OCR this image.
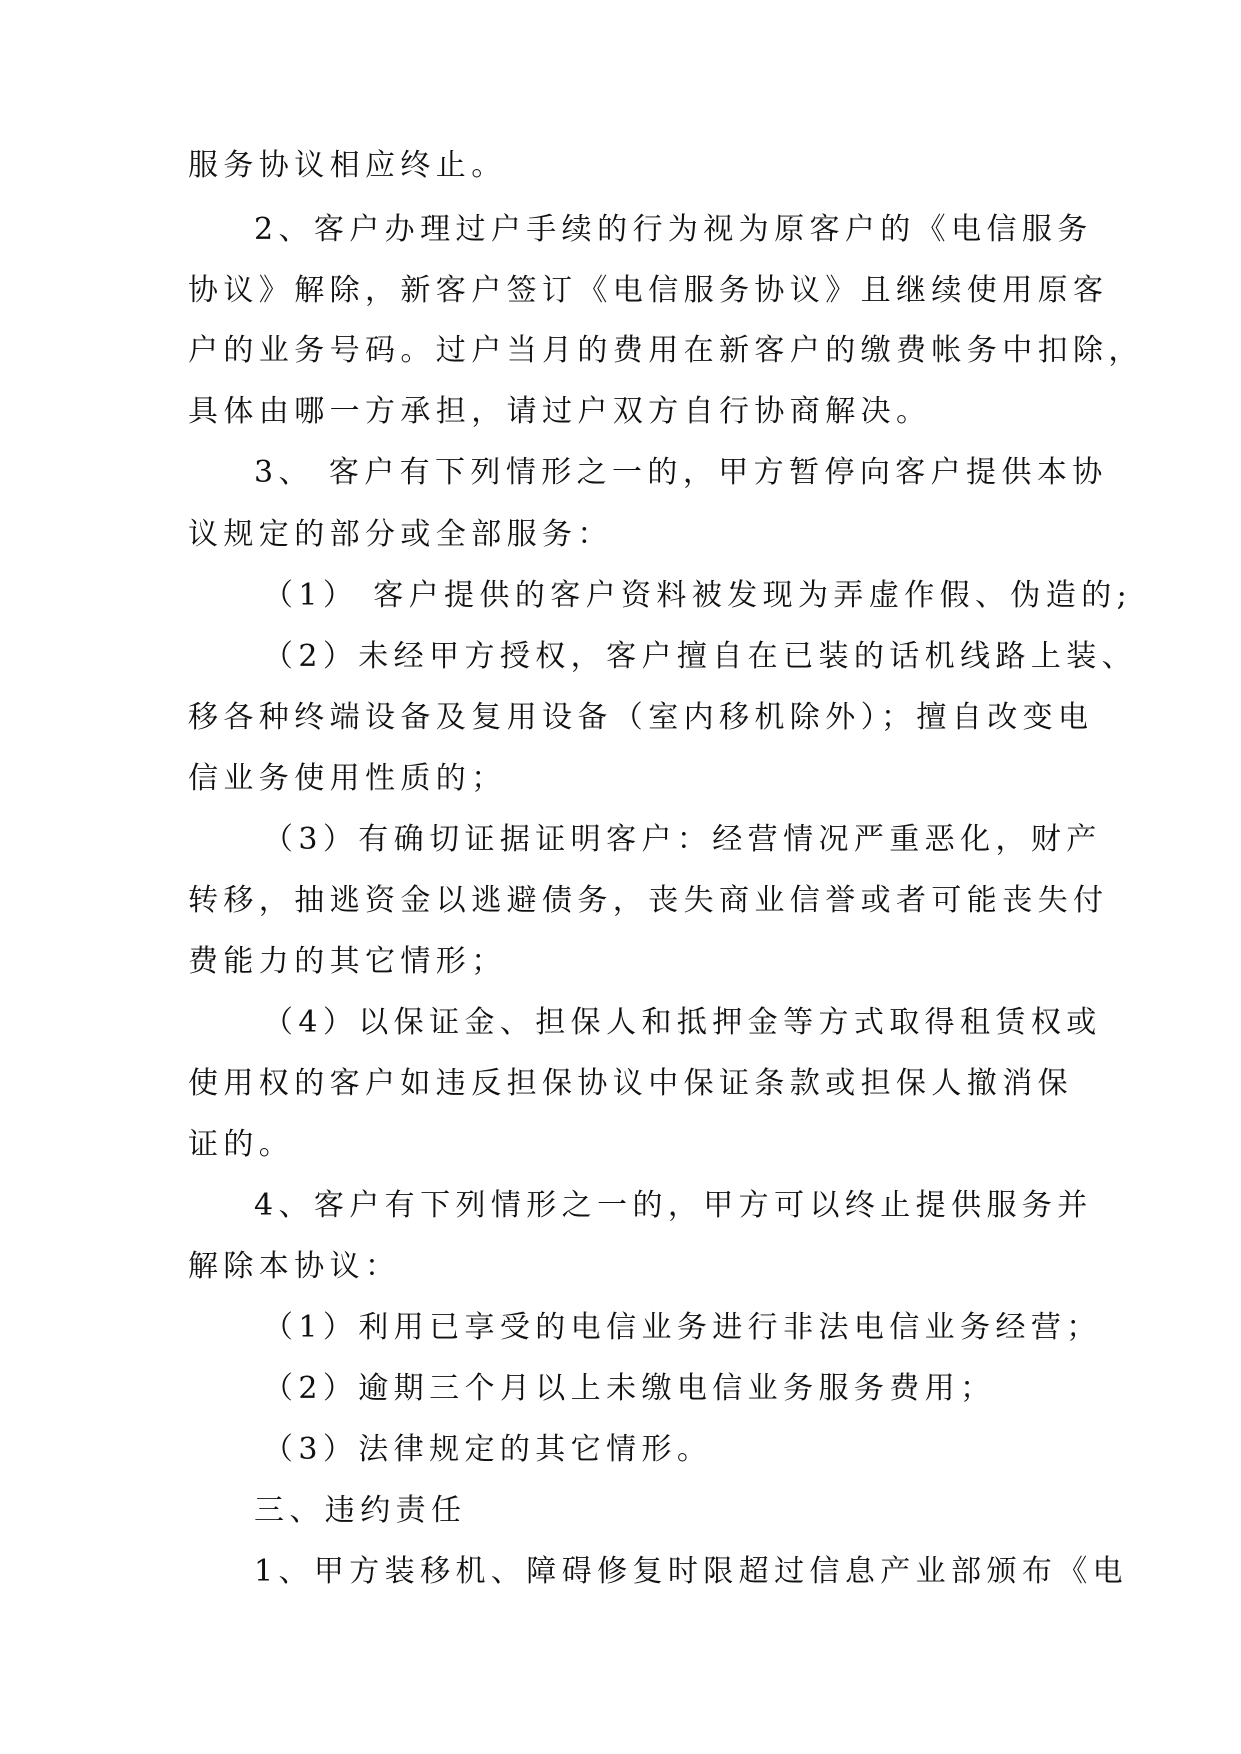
服务协议相应终止。
2、客户办理过户手续的行为视为原客户的《电信服务
协议》解除，新客户签订《电信服务协议》且继续使用原客
户的业务号码。过户当月的费用在新客户的缴费帐务中扣除，
具体由哪一方承担，请过户双方自行协商解决。
3、 客户有下列情形之一的，甲方暂停向客户提供本协
议规定的部分或全部服务：
（1） 客户提供的客户资料被发现为弄虚作假、伪造的;
（2）未经甲方授权，客户擅自在已装的话机线路上装、
移各种终端设备及复用设备（室内移机除外）；擅自改变电
信业务使用性质的；
（3）有确切证据证明客户：经营情况严重恶化，财产
转移，抽逃资金以逃避债务，丧失商业信誉或者可能丧失付
费能力的其它情形；
（4）以保证金、担保人和抵押金等方式取得租赁权或
使用权的客户如违反担保协议中保证条款或担保人撤消保
证的。
4、客户有下列情形之一的，甲方可以终止提供服务并
解除本协议：
（1）利用已享受的电信业务进行非法电信业务经营；
（2）逾期三个月以上未缴电信业务服务费用；
（3）法律规定的其它情形。
三、违约责任
1、甲方装移机、障碍修复时限超过信息产业部颁布《电
